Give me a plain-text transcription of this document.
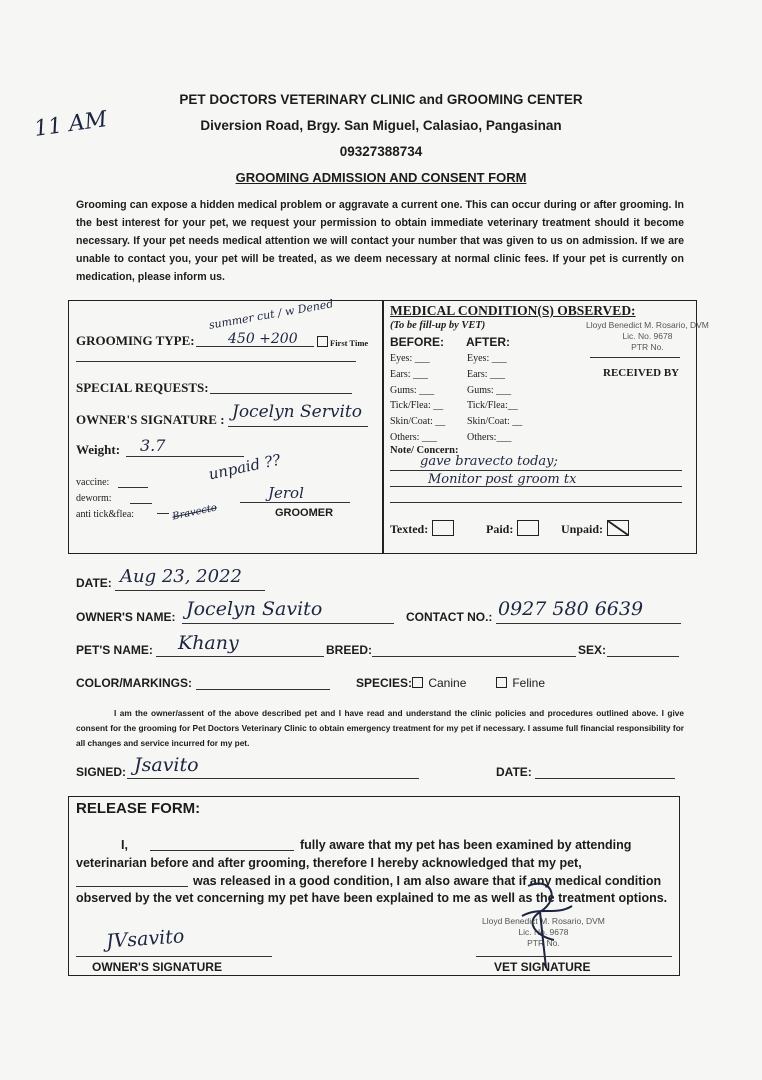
11 AM
PET DOCTORS VETERINARY CLINIC and GROOMING CENTER
Diversion Road, Brgy. San Miguel, Calasiao, Pangasinan
09327388734
GROOMING ADMISSION AND CONSENT FORM
Grooming can expose a hidden medical problem or aggravate a current one. This can occur during or after grooming. In the best interest for your pet, we request your permission to obtain immediate veterinary treatment should it become necessary. If your pet needs medical attention we will contact your number that was given to us on admission. If we are unable to contact you, your pet will be treated, as we deem necessary at normal clinic fees. If your pet is currently on medication, please inform us.
GROOMING TYPE:
summer cut / w Dened
450 +200	First Time
SPECIAL REQUESTS:
OWNER'S SIGNATURE : Jocelyn Servito
Weight: 3.7
unpaid ??
vaccine:
deworm:
anti tick&flea:	Bravecto
Jerol
GROOMER
MEDICAL CONDITION(S) OBSERVED:
(To be fill-up by VET)
BEFORE: AFTER:
Lloyd Benedict M. Rosario, DVM
Lic. No. 9678
PTR No.
RECEIVED BY
Eyes: ___	Eyes: ___
Ears: ___	Ears: ___
Gums: ___	Gums: ___
Tick/Flea: __ Tick/Flea:__
Skin/Coat: __ Skin/Coat: __
Others: ___	Others:___
Note/ Concern:
gave bravecto today;
Monitor post groom tx
Texted:	Paid:	Unpaid:
DATE: Aug 23, 2022
OWNER'S NAME: Jocelyn Savito	CONTACT NO.: 0927 580 6639
PET'S NAME: Khany	BREED:	SEX:
COLOR/MARKINGS:	SPECIES:	Canine	Feline
I am the owner/assent of the above described pet and I have read and understand the clinic policies and procedures outlined above. I give consent for the grooming for Pet Doctors Veterinary Clinic to obtain emergency treatment for my pet if necessary. I assume full financial responsibility for all changes and service incurred for my pet.
SIGNED: Jsavito	DATE:
RELEASE FORM:
I,	fully aware that my pet has been examined by attending
veterinarian before and after grooming, therefore I hereby acknowledged that my pet,
was released in a good condition, I am also aware that if any medical condition
observed by the vet concerning my pet have been explained to me as well as the treatment options.
JVsavito
OWNER'S SIGNATURE
Lloyd Benedict M. Rosario, DVM
Lic. No. 9678
PTR No.
VET SIGNATURE
